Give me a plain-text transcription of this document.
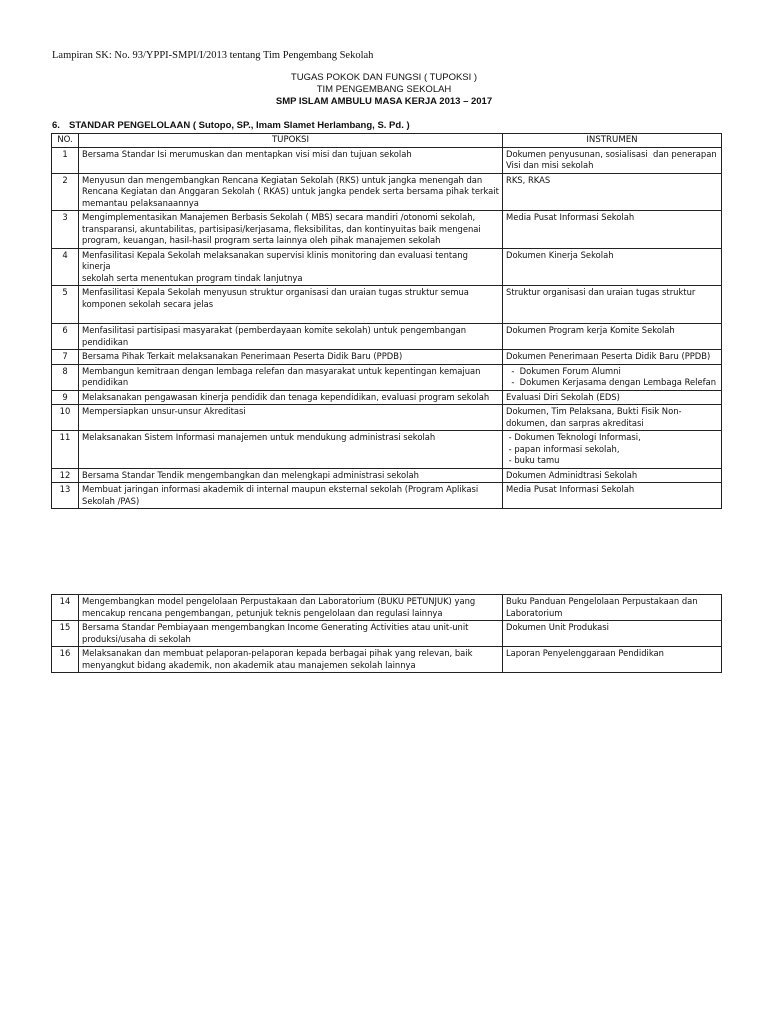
Lampiran SK: No. 93/YPPI-SMPI/I/2013 tentang Tim Pengembang Sekolah
TUGAS POKOK DAN FUNGSI ( TUPOKSI )
TIM PENGEMBANG SEKOLAH
SMP ISLAM AMBULU MASA KERJA 2013 – 2017
6. STANDAR PENGELOLAAN ( Sutopo, SP., Imam Slamet Herlambang, S. Pd. )
NO.	TUPOKSI	INSTRUMEN
1	Bersama Standar Isi merumuskan dan mentapkan visi misi dan tujuan sekolah	Dokumen penyusunan, sosialisasi  dan penerapan
Visi dan misi sekolah

2	Menyusun dan mengembangkan Rencana Kegiatan Sekolah (RKS) untuk jangka menengah dan
Rencana Kegiatan dan Anggaran Sekolah ( RKAS) untuk jangka pendek serta bersama pihak terkait
memantau pelaksanaannya	RKS, RKAS

3	Mengimplementasikan Manajemen Berbasis Sekolah ( MBS) secara mandiri /otonomi sekolah,
transparansi, akuntabilitas, partisipasi/kerjasama, fleksibilitas, dan kontinyuitas baik mengenai
program, keuangan, hasil-hasil program serta lainnya oleh pihak manajemen sekolah	Media Pusat Informasi Sekolah

4	Menfasilitasi Kepala Sekolah melaksanakan supervisi klinis monitoring dan evaluasi tentang kinerja
sekolah serta menentukan program tindak lanjutnya	Dokumen Kinerja Sekolah

5	Menfasilitasi Kepala Sekolah menyusun struktur organisasi dan uraian tugas struktur semua
komponen sekolah secara jelas	Struktur organisasi dan uraian tugas struktur

6	Menfasilitasi partisipasi masyarakat (pemberdayaan komite sekolah) untuk pengembangan
pendidikan	Dokumen Program kerja Komite Sekolah

7	Bersama Pihak Terkait melaksanakan Penerimaan Peserta Didik Baru (PPDB)	Dokumen Penerimaan Peserta Didik Baru (PPDB)

8	Membangun kemitraan dengan lembaga relefan dan masyarakat untuk kepentingan kemajuan
pendidikan	-  Dokumen Forum Alumni
-  Dokumen Kerjasama dengan Lembaga Relefan

9	Melaksanakan pengawasan kinerja pendidik dan tenaga kependidikan, evaluasi program sekolah	Evaluasi Diri Sekolah (EDS)

10	Mempersiapkan unsur-unsur Akreditasi	Dokumen, Tim Pelaksana, Bukti Fisik Non-
dokumen, dan sarpras akreditasi

11	Melaksanakan Sistem Informasi manajemen untuk mendukung administrasi sekolah	- Dokumen Teknologi Informasi,
- papan informasi sekolah,
- buku tamu

12	Bersama Standar Tendik mengembangkan dan melengkapi administrasi sekolah	Dokumen Adminidtrasi Sekolah

13	Membuat jaringan informasi akademik di internal maupun eksternal sekolah (Program Aplikasi
Sekolah /PAS)	Media Pusat Informasi Sekolah
14	Mengembangkan model pengelolaan Perpustakaan dan Laboratorium (BUKU PETUNJUK) yang
mencakup rencana pengembangan, petunjuk teknis pengelolaan dan regulasi lainnya	Buku Panduan Pengelolaan Perpustakaan dan
Laboratorium

15	Bersama Standar Pembiayaan mengembangkan Income Generating Activities atau unit-unit
produksi/usaha di sekolah	Dokumen Unit Produkasi

16	Melaksanakan dan membuat pelaporan-pelaporan kepada berbagai pihak yang relevan, baik
menyangkut bidang akademik, non akademik atau manajemen sekolah lainnya	Laporan Penyelenggaraan Pendidikan
